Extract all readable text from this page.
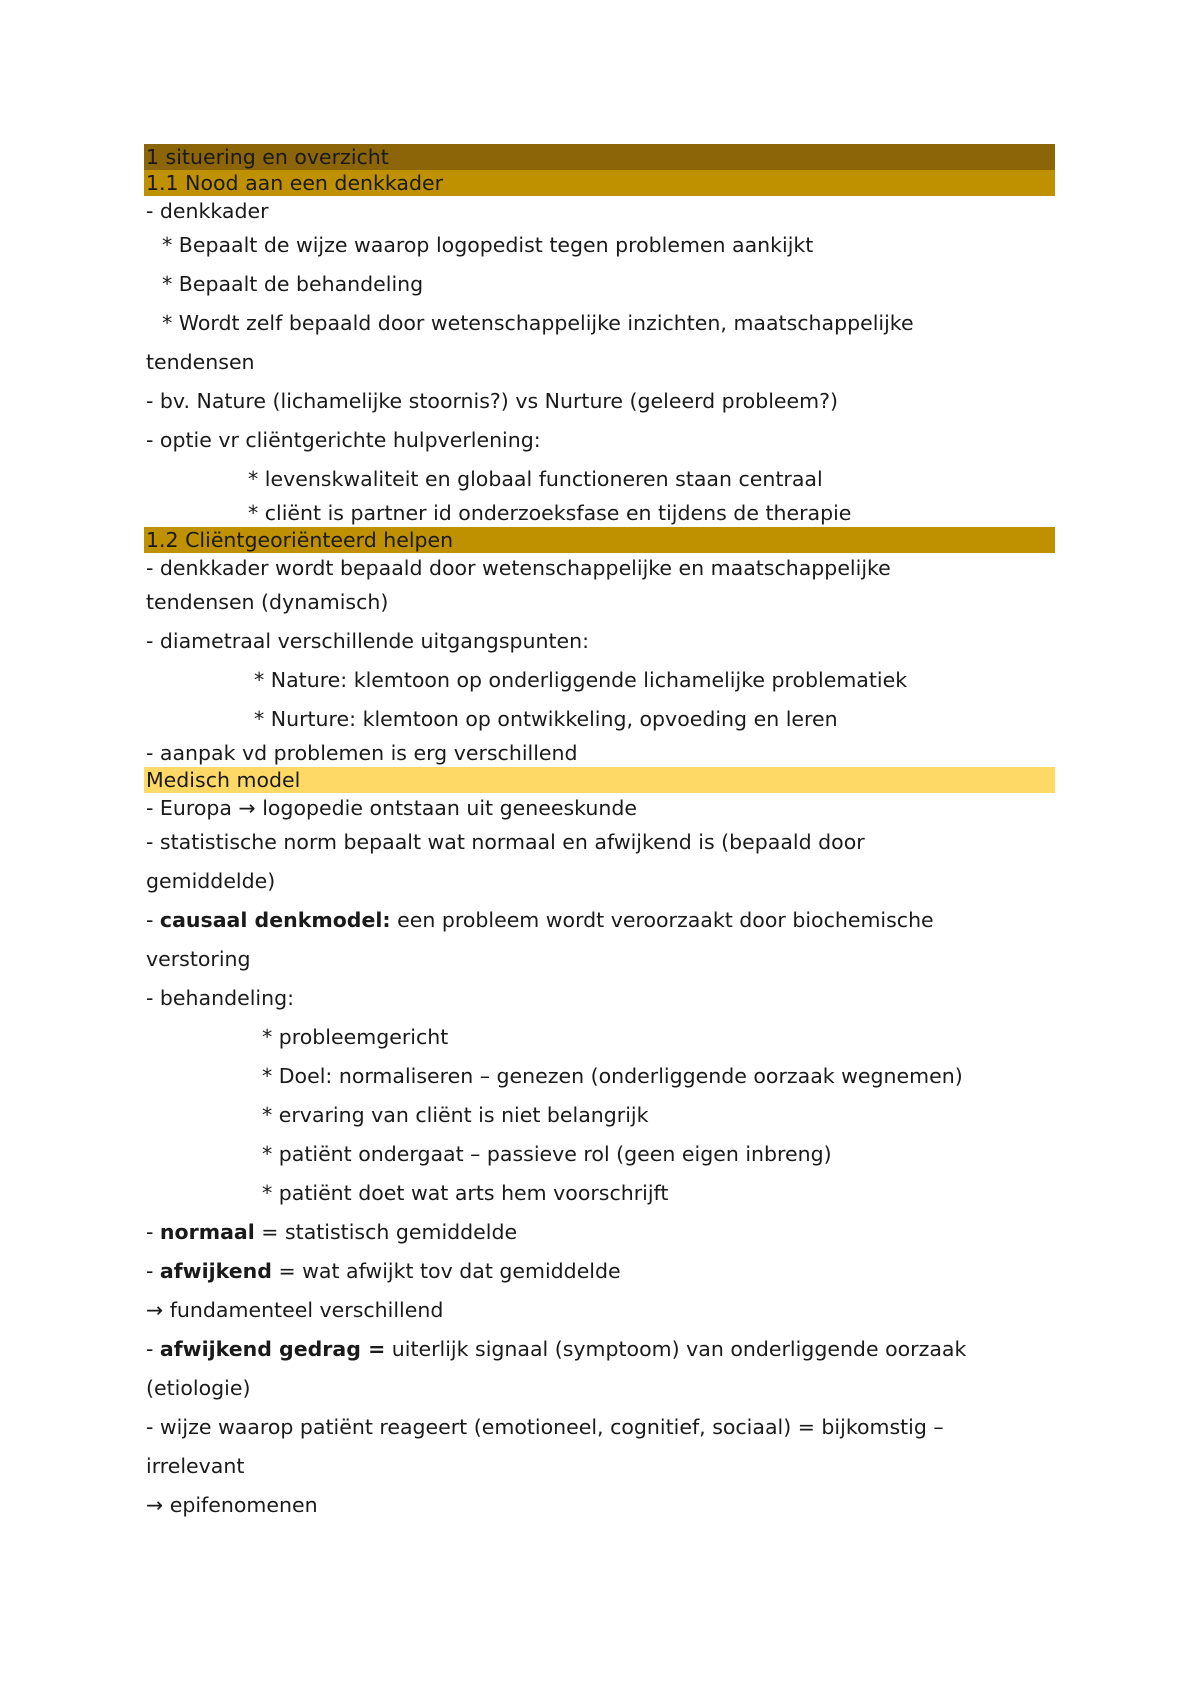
1 situering en overzicht
1.1 Nood aan een denkkader
- denkkader
* Bepaalt de wijze waarop logopedist tegen problemen aankijkt
* Bepaalt de behandeling
* Wordt zelf bepaald door wetenschappelijke inzichten, maatschappelijke
tendensen
- bv. Nature (lichamelijke stoornis?) vs Nurture (geleerd probleem?)
- optie vr cliëntgerichte hulpverlening:
* levenskwaliteit en globaal functioneren staan centraal
* cliënt is partner id onderzoeksfase en tijdens de therapie
1.2 Cliëntgeoriënteerd helpen
- denkkader wordt bepaald door wetenschappelijke en maatschappelijke
tendensen (dynamisch)
- diametraal verschillende uitgangspunten:
* Nature: klemtoon op onderliggende lichamelijke problematiek
* Nurture: klemtoon op ontwikkeling, opvoeding en leren
- aanpak vd problemen is erg verschillend
Medisch model
- Europa → logopedie ontstaan uit geneeskunde
- statistische norm bepaalt wat normaal en afwijkend is (bepaald door
gemiddelde)
- causaal denkmodel: een probleem wordt veroorzaakt door biochemische
verstoring
- behandeling:
* probleemgericht
* Doel: normaliseren – genezen (onderliggende oorzaak wegnemen)
* ervaring van cliënt is niet belangrijk
* patiënt ondergaat – passieve rol (geen eigen inbreng)
* patiënt doet wat arts hem voorschrijft
- normaal = statistisch gemiddelde
- afwijkend = wat afwijkt tov dat gemiddelde
→ fundamenteel verschillend
- afwijkend gedrag = uiterlijk signaal (symptoom) van onderliggende oorzaak
(etiologie)
- wijze waarop patiënt reageert (emotioneel, cognitief, sociaal) = bijkomstig –
irrelevant
→ epifenomenen
